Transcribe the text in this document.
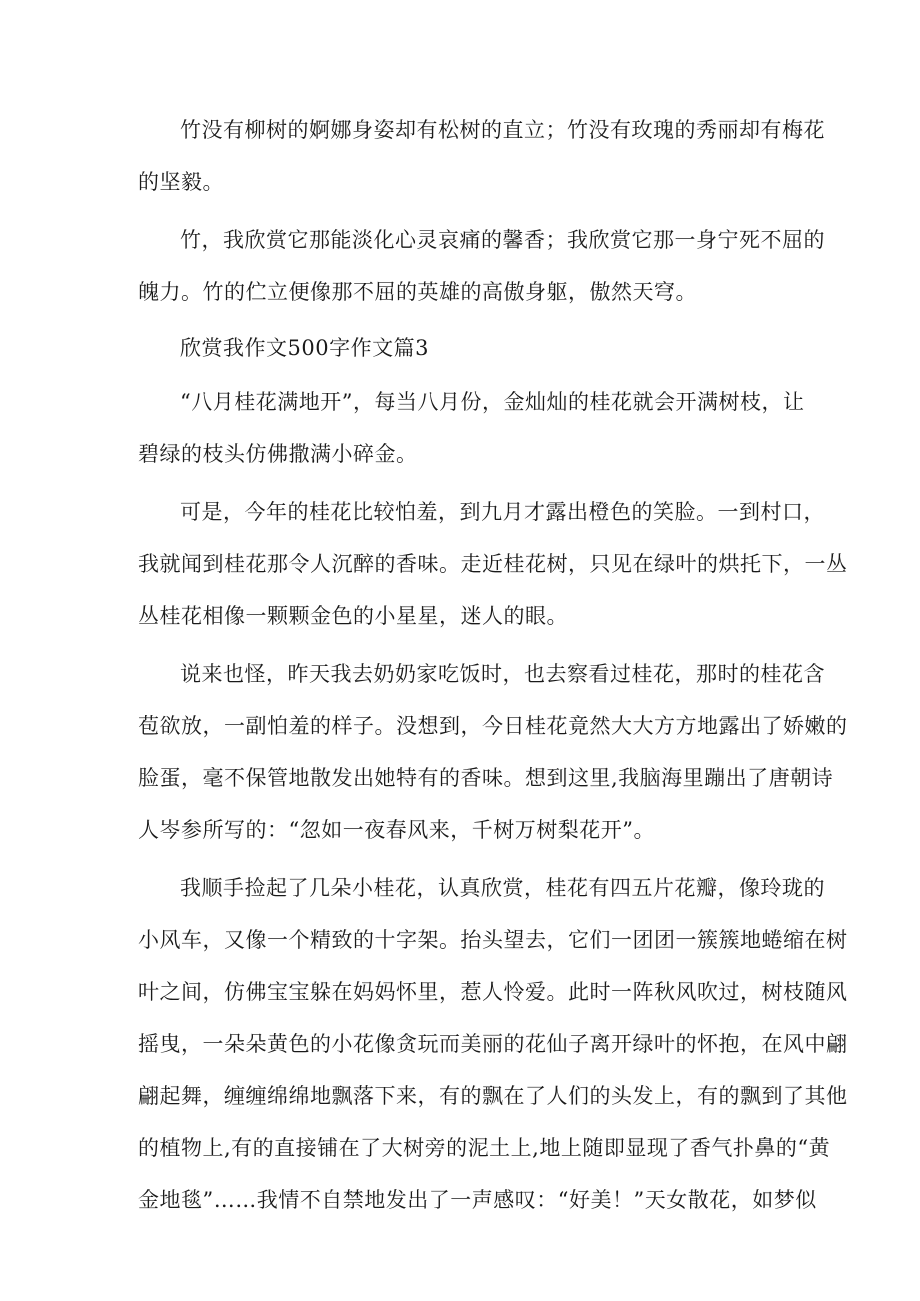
竹没有柳树的婀娜身姿却有松树的直立；竹没有玫瑰的秀丽却有梅花
的坚毅。
竹，我欣赏它那能淡化心灵哀痛的馨香；我欣赏它那一身宁死不屈的
魄力。竹的伫立便像那不屈的英雄的高傲身躯，傲然天穹。
欣赏我作文500字作文篇3
“八月桂花满地开”，每当八月份，金灿灿的桂花就会开满树枝，让
碧绿的枝头仿佛撒满小碎金。
可是，今年的桂花比较怕羞，到九月才露出橙色的笑脸。一到村口，
我就闻到桂花那令人沉醉的香味。走近桂花树，只见在绿叶的烘托下，一丛
丛桂花相像一颗颗金色的小星星，迷人的眼。
说来也怪，昨天我去奶奶家吃饭时，也去察看过桂花，那时的桂花含
苞欲放，一副怕羞的样子。没想到，今日桂花竟然大大方方地露出了娇嫩的
脸蛋，毫不保管地散发出她特有的香味。想到这里,我脑海里蹦出了唐朝诗
人岑参所写的：“忽如一夜春风来，千树万树梨花开”。
我顺手捡起了几朵小桂花，认真欣赏，桂花有四五片花瓣，像玲珑的
小风车，又像一个精致的十字架。抬头望去，它们一团团一簇簇地蜷缩在树
叶之间，仿佛宝宝躲在妈妈怀里，惹人怜爱。此时一阵秋风吹过，树枝随风
摇曳，一朵朵黄色的小花像贪玩而美丽的花仙子离开绿叶的怀抱，在风中翩
翩起舞，缠缠绵绵地飘落下来，有的飘在了人们的头发上，有的飘到了其他
的植物上,有的直接铺在了大树旁的泥土上,地上随即显现了香气扑鼻的“黄
金地毯”……我情不自禁地发出了一声感叹：“好美！”天女散花，如梦似
